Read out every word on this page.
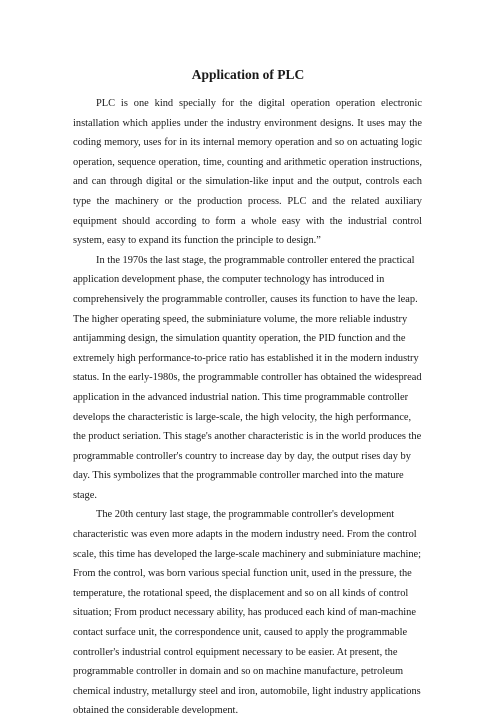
Application of PLC

PLC is one kind specially for the digital operation operation electronic installation which applies under the industry environment designs. It uses may the coding memory, uses for in its internal memory operation and so on actuating logic operation, sequence operation, time, counting and arithmetic operation instructions, and can through digital or the simulation-like input and the output, controls each type the machinery or the production process. PLC and the related auxiliary equipment should according to form a whole easy with the industrial control system, easy to expand its function the principle to design.”

In the 1970s the last stage, the programmable controller entered the practical application development phase, the computer technology has introduced in comprehensively the programmable controller, causes its function to have the leap. The higher operating speed, the subminiature volume, the more reliable industry antijamming design, the simulation quantity operation, the PID function and the extremely high performance-to-price ratio has established it in the modern industry status. In the early-1980s, the programmable controller has obtained the widespread application in the advanced industrial nation. This time programmable controller develops the characteristic is large-scale, the high velocity, the high performance, the product seriation. This stage's another characteristic is in the world produces the programmable controller's country to increase day by day, the output rises day by day. This symbolizes that the programmable controller marched into the mature stage.

The 20th century last stage, the programmable controller's development characteristic was even more adapts in the modern industry need. From the control scale, this time has developed the large-scale machinery and subminiature machine; From the control, was born various special function unit, used in the pressure, the temperature, the rotational speed, the displacement and so on all kinds of control situation; From product necessary ability, has produced each kind of man-machine contact surface unit, the correspondence unit, caused to apply the programmable controller's industrial control equipment necessary to be easier. At present, the programmable controller in domain and so on machine manufacture, petroleum chemical industry, metallurgy steel and iron, automobile, light industry applications obtained the considerable development.
